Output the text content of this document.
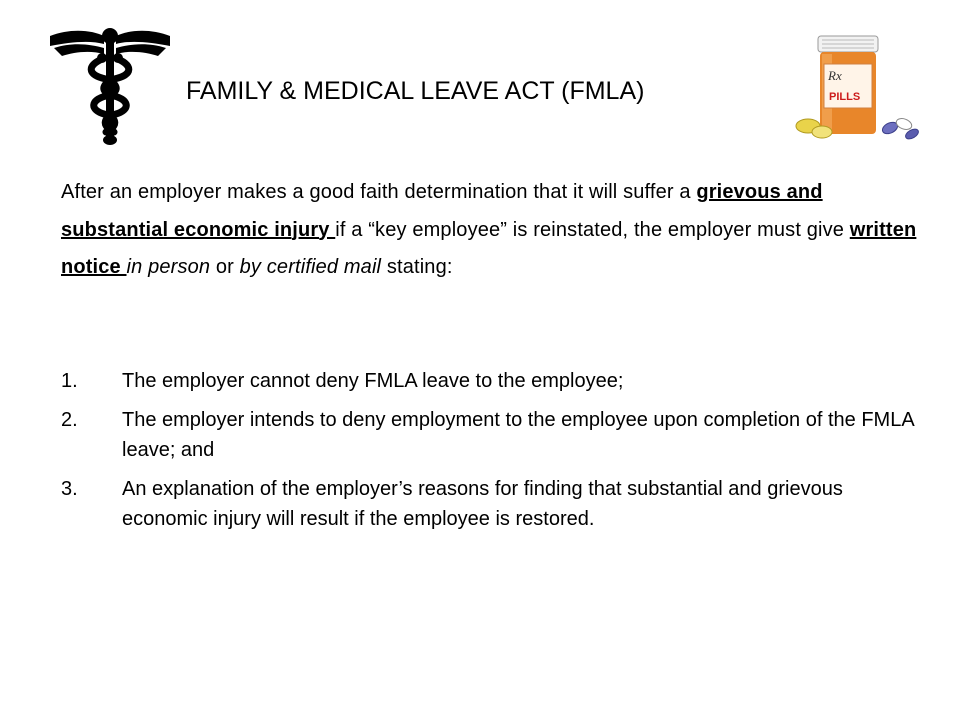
FAMILY & MEDICAL LEAVE ACT (FMLA)
Rx
PILLS
After an employer makes a good faith determination that it will suffer a grievous and substantial economic injury if a “key employee” is reinstated, the employer must give written notice in person or by certified mail stating:
1. The employer cannot deny FMLA leave to the employee;
2. The employer intends to deny employment to the employee upon completion of the FMLA leave; and
3. An explanation of the employer’s reasons for finding that substantial and grievous economic injury will result if the employee is restored.
